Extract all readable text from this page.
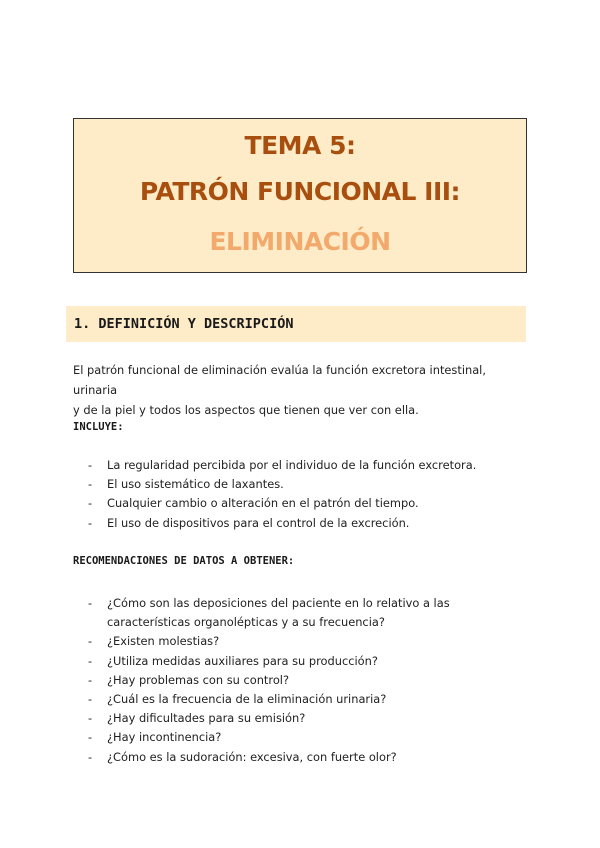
TEMA 5:
PATRÓN FUNCIONAL III:
ELIMINACIÓN
1. DEFINICIÓN Y DESCRIPCIÓN
El patrón funcional de eliminación evalúa la función excretora intestinal, urinaria
y de la piel y todos los aspectos que tienen que ver con ella.
INCLUYE:
- La regularidad percibida por el individuo de la función excretora.
- El uso sistemático de laxantes.
- Cualquier cambio o alteración en el patrón del tiempo.
- El uso de dispositivos para el control de la excreción.
RECOMENDACIONES DE DATOS A OBTENER:
- ¿Cómo son las deposiciones del paciente en lo relativo a las características organolépticas y a su frecuencia?
- ¿Existen molestias?
- ¿Utiliza medidas auxiliares para su producción?
- ¿Hay problemas con su control?
- ¿Cuál es la frecuencia de la eliminación urinaria?
- ¿Hay dificultades para su emisión?
- ¿Hay incontinencia?
- ¿Cómo es la sudoración: excesiva, con fuerte olor?
